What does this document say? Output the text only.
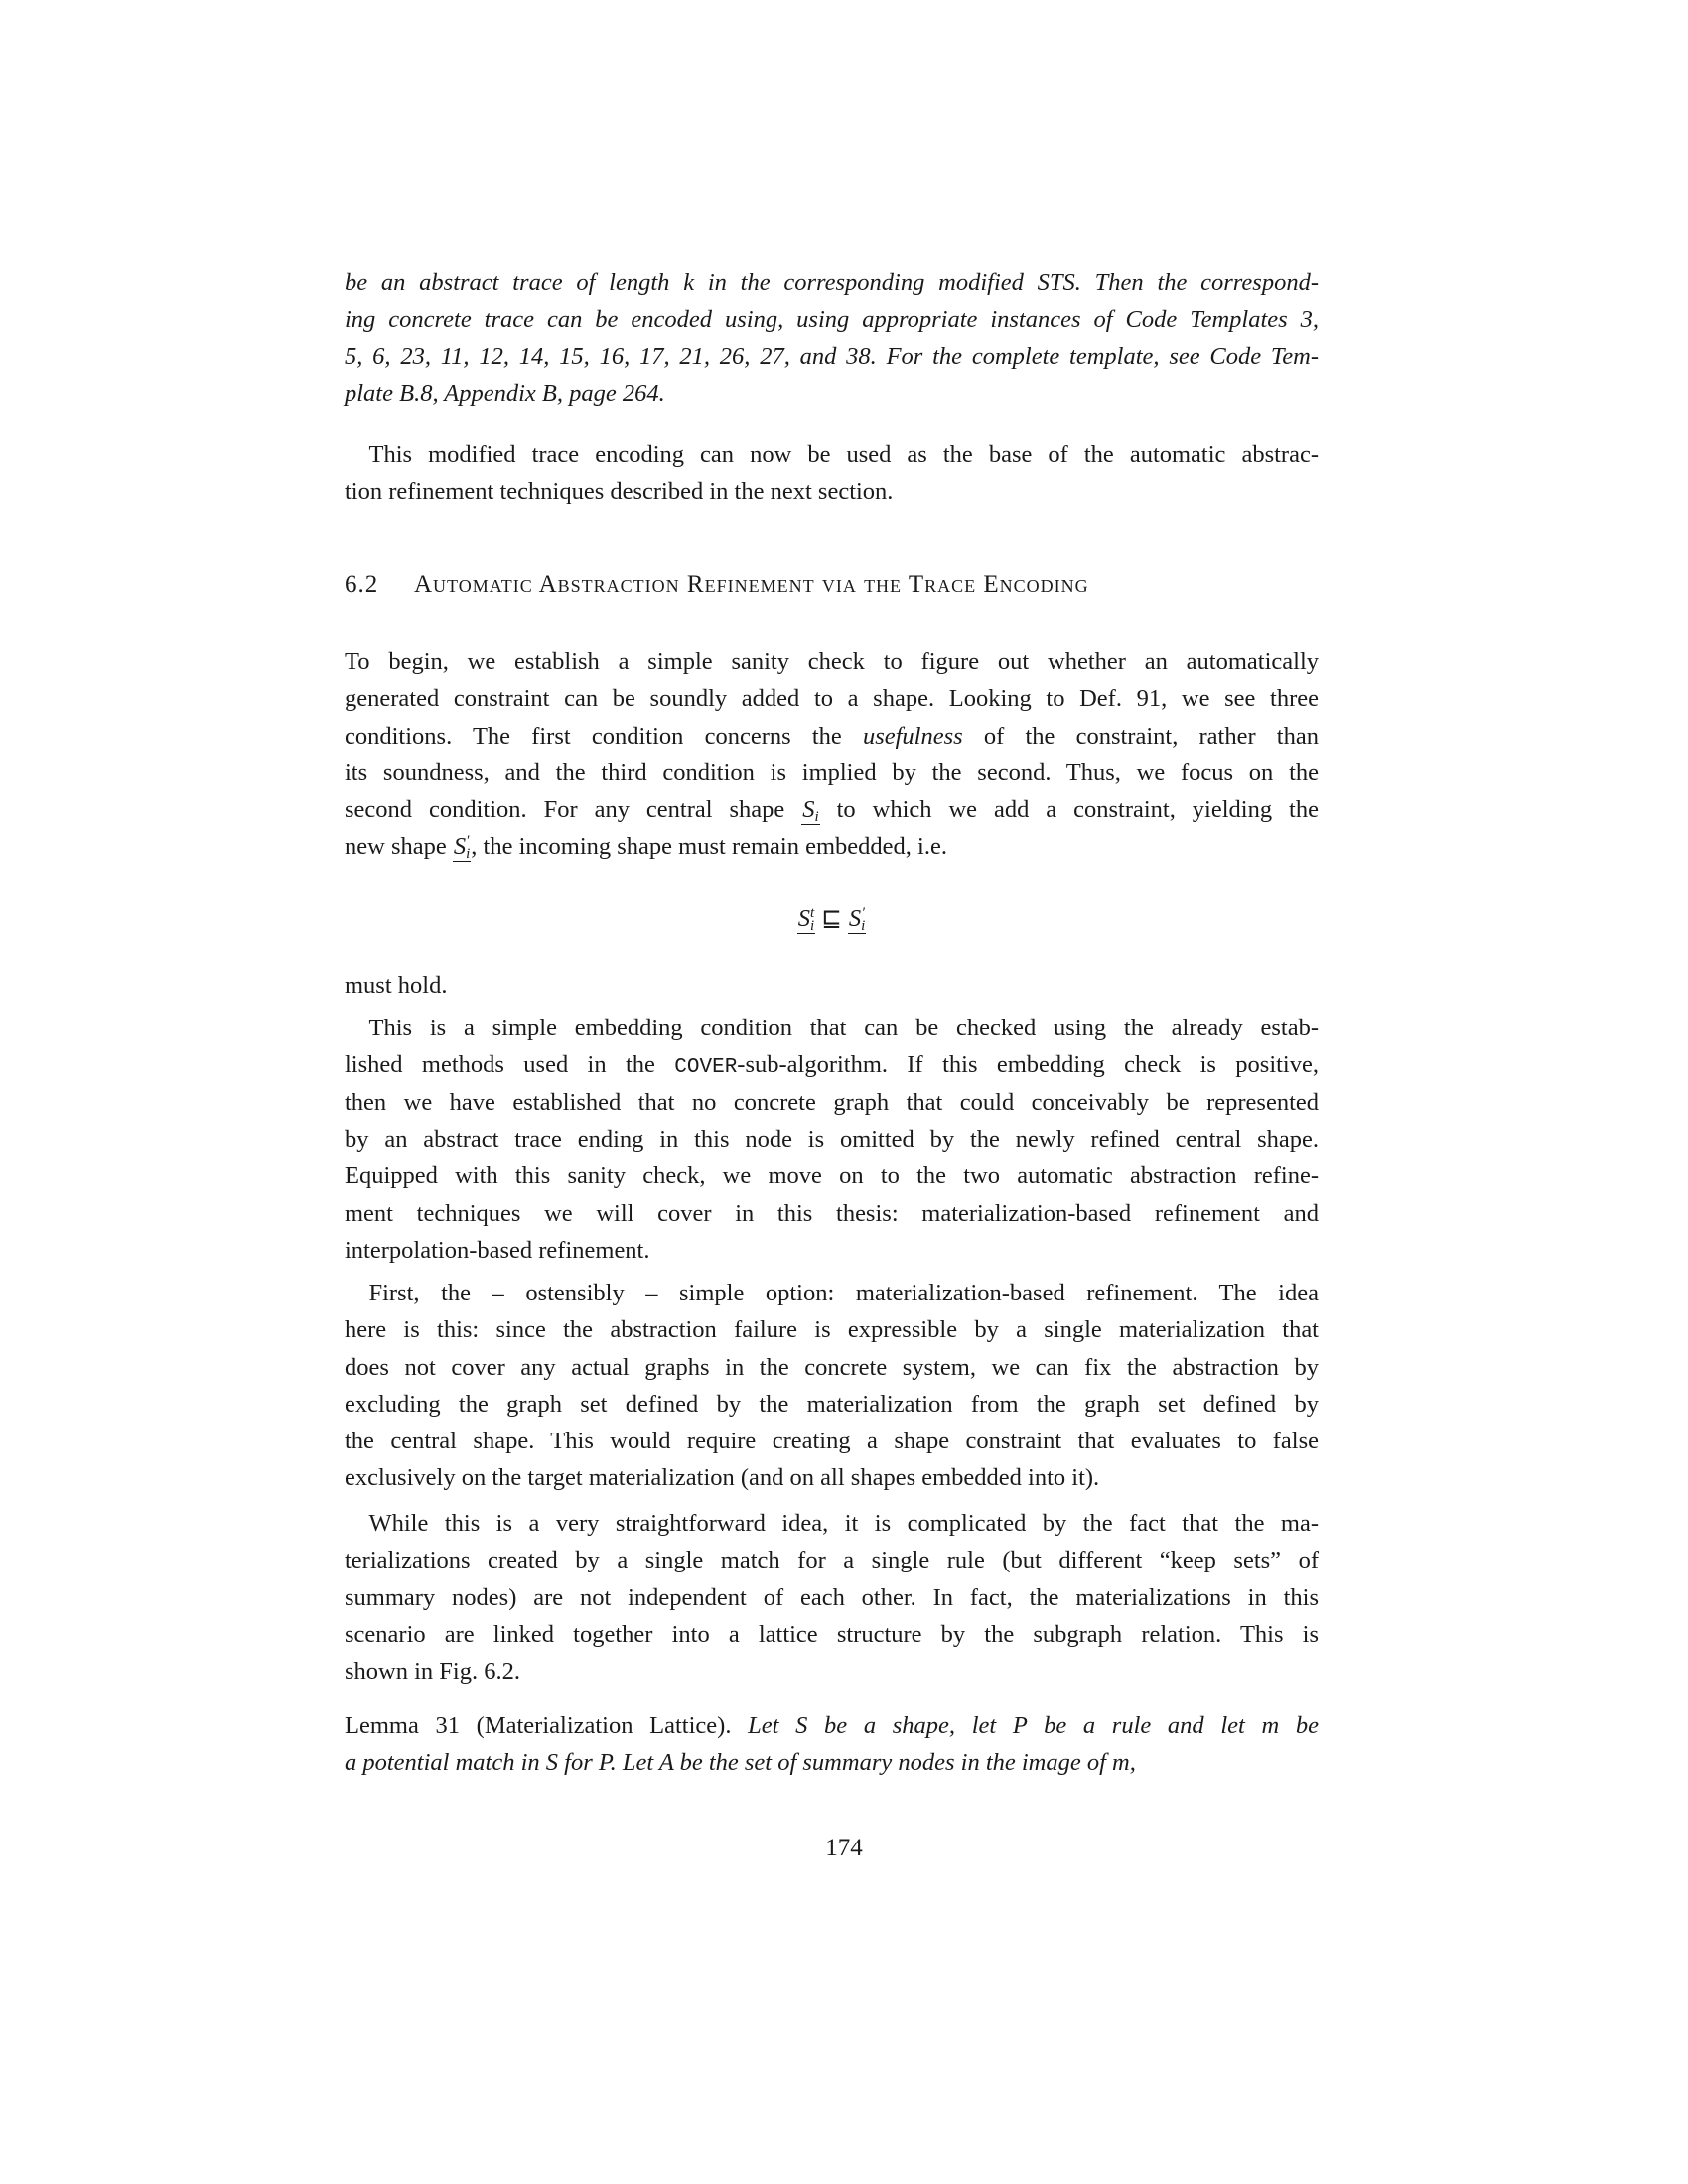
6.2 Automatic Abstraction Refinement via the Trace Encoding
be an abstract trace of length k in the corresponding modified STS. Then the correspond-
ing concrete trace can be encoded using, using appropriate instances of Code Templates 3,
5, 6, 23, 11, 12, 14, 15, 16, 17, 21, 26, 27, and 38. For the complete template, see Code Tem-
plate B.8, Appendix B, page 264.
 This modified trace encoding can now be used as the base of the automatic abstrac-
tion refinement techniques described in the next section.
To begin, we establish a simple sanity check to figure out whether an automatically
generated constraint can be soundly added to a shape. Looking to Def. 91, we see three
conditions. The first condition concerns the usefulness of the constraint, rather than
its soundness, and the third condition is implied by the second. Thus, we focus on the
second condition. For any central shape S
i to which we add a constraint, yielding the
new shape S ′
i , the incoming shape must remain embedded, i.e.
S t
i ⊑ S ′
i
must hold.
 This is a simple embedding condition that can be checked using the already estab-
lished methods used in the COVER-sub-algorithm. If this embedding check is positive,
then we have established that no concrete graph that could conceivably be represented
by an abstract trace ending in this node is omitted by the newly refined central shape.
Equipped with this sanity check, we move on to the two automatic abstraction refine-
ment techniques we will cover in this thesis: materialization-based refinement and
interpolation-based refinement.
 First, the – ostensibly – simple option: materialization-based refinement. The idea
here is this: since the abstraction failure is expressible by a single materialization that
does not cover any actual graphs in the concrete system, we can fix the abstraction by
excluding the graph set defined by the materialization from the graph set defined by
the central shape. This would require creating a shape constraint that evaluates to false
exclusively on the target materialization (and on all shapes embedded into it).
 While this is a very straightforward idea, it is complicated by the fact that the ma-
terializations created by a single match for a single rule (but different “keep sets” of
summary nodes) are not independent of each other. In fact, the materializations in this
scenario are linked together into a lattice structure by the subgraph relation. This is
shown in Fig. 6.2.
Lemma 31 (Materialization Lattice). Let S be a shape, let P be a rule and let m be
a potential match in S for P. Let A be the set of summary nodes in the image of m,
174
